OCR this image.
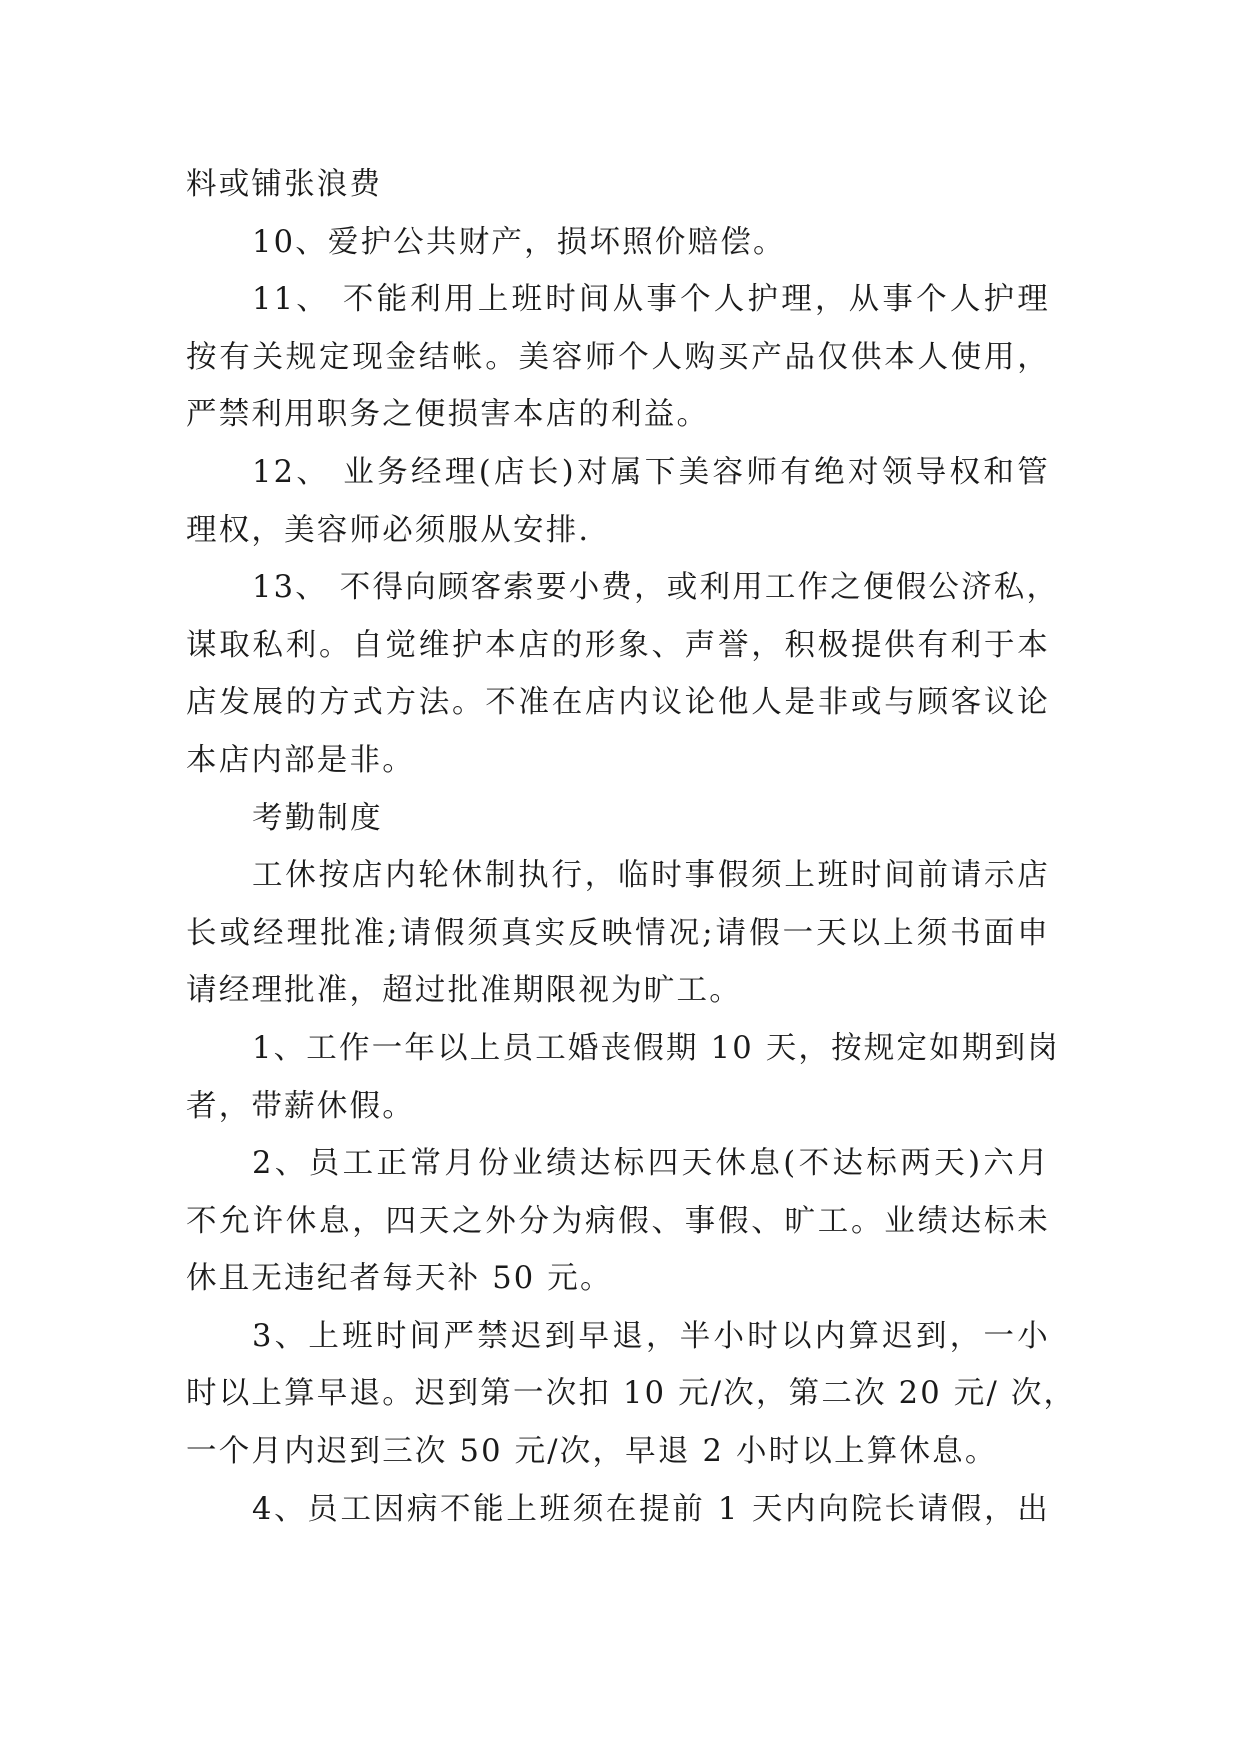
料或铺张浪费
10、爱护公共财产，损坏照价赔偿。
11、 不能利用上班时间从事个人护理，从事个人护理
按有关规定现金结帐。美容师个人购买产品仅供本人使用，
严禁利用职务之便损害本店的利益。
12、 业务经理(店长)对属下美容师有绝对领导权和管
理权，美容师必须服从安排.
13、 不得向顾客索要小费，或利用工作之便假公济私，
谋取私利。自觉维护本店的形象、声誉，积极提供有利于本
店发展的方式方法。不准在店内议论他人是非或与顾客议论
本店内部是非。
考勤制度
工休按店内轮休制执行，临时事假须上班时间前请示店
长或经理批准;请假须真实反映情况;请假一天以上须书面申
请经理批准，超过批准期限视为旷工。
1、工作一年以上员工婚丧假期 10 天，按规定如期到岗
者，带薪休假。
2、员工正常月份业绩达标四天休息(不达标两天)六月
不允许休息，四天之外分为病假、事假、旷工。业绩达标未
休且无违纪者每天补 50 元。
3、上班时间严禁迟到早退，半小时以内算迟到，一小
时以上算早退。迟到第一次扣 10 元/次，第二次 20 元/ 次，
一个月内迟到三次 50 元/次，早退 2 小时以上算休息。
4、员工因病不能上班须在提前 1 天内向院长请假，出
